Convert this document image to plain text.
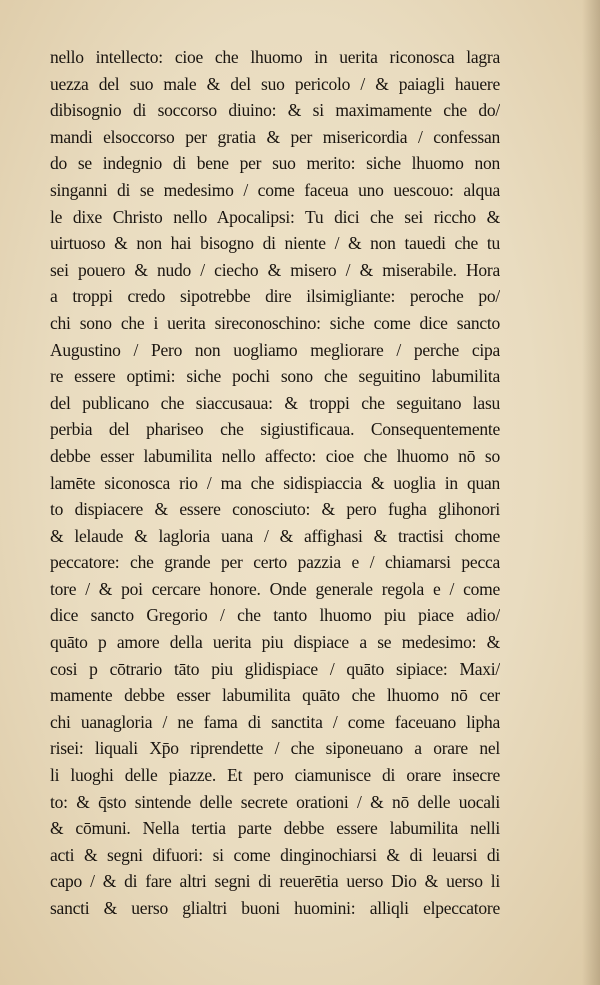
nello intellecto: cioe che lhuomo in uerita riconosca lagra
uezza del suo male & del suo pericolo / & paiagli hauere
dibisognio di soccorso diuino: & si maximamente che do/
mandi elsoccorso per gratia & per misericordia / confessan
do se indegnio di bene per suo merito: siche lhuomo non
singanni di se medesimo / come faceua uno uescouo: alqua
le dixe Christo nello Apocalipsi: Tu dici che sei riccho &
uirtuoso & non hai bisogno di niente / & non tauedi che tu
sei pouero & nudo / ciecho & misero / & miserabile. Hora
a troppi credo sipotrebbe dire ilsimigliante: peroche po/
chi sono che i uerita sireconoschino: siche come dice sancto
Augustino / Pero non uogliamo megliorare / perche cipa
re essere optimi: siche pochi sono che seguitino labumilita
del publicano che siaccusaua: & troppi che seguitano lasu
perbia del phariseo che sigiustificaua. Consequentemente
debbe esser labumilita nello affecto: cioe che lhuomo nō so
lamēte siconosca rio / ma che sidispiaccia & uoglia in quan
to dispiacere & essere conosciuto: & pero fugha glihonori
& lelaude & lagloria uana / & affighasi & tractisi chome
peccatore: che grande per certo pazzia e / chiamarsi pecca
tore / & poi cercare honore. Onde generale regola e / come
dice sancto Gregorio / che tanto lhuomo piu piace adio/
quāto p amore della uerita piu dispiace a se medesimo: &
cosi p cōtrario tāto piu glidispiace / quāto sipiace: Maxi/
mamente debbe esser labumilita quāto che lhuomo nō cer
chi uanagloria / ne fama di sanctita / come faceuano lipha
risei: liquali Xp̄o riprendette / che siponeuano a orare nel
li luoghi delle piazze. Et pero ciamunisce di orare insecre
to: & q̄sto sintende delle secrete orationi / & nō delle uocali
& cōmuni. Nella tertia parte debbe essere labumilita nelli
acti & segni difuori: si come dinginochiarsi & di leuarsi di
capo / & di fare altri segni di reuerētia uerso Dio & uerso li
sancti & uerso glialtri buoni huomini: alliqli elpeccatore
